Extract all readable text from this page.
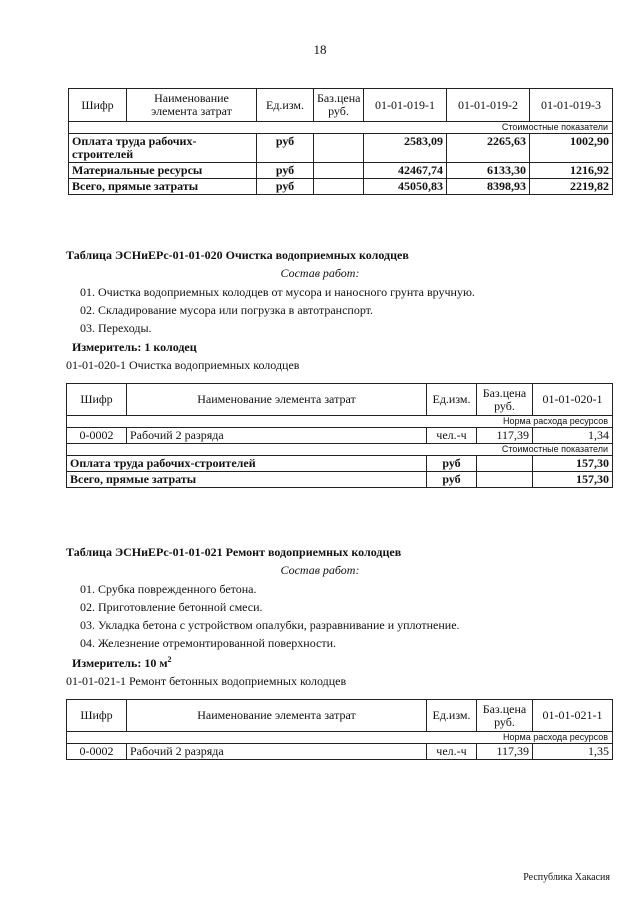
18
Шифр	Наименование элемента затрат	Ед.изм.	Баз.цена руб.	01-01-019-1	01-01-019-2	01-01-019-3
Стоимостные показатели						
Оплата труда рабочих-строителей		руб		2583,09	2265,63	1002,90
Материальные ресурсы		руб		42467,74	6133,30	1216,92
Всего, прямые затраты		руб		45050,83	8398,93	2219,82
Таблица ЭСНиЕРс-01-01-020 Очистка водоприемных колодцев
Состав работ:
01. Очистка водоприемных колодцев от мусора и наносного грунта вручную.
02. Складирование мусора или погрузка в автотранспорт.
03. Переходы.
Измеритель: 1 колодец
01-01-020-1 Очистка водоприемных колодцев
Шифр	Наименование элемента затрат	Ед.изм.	Баз.цена руб.	01-01-020-1
Норма расхода ресурсов				
0-0002	Рабочий 2 разряда	чел.-ч	117,39	1,34
Стоимостные показатели				
Оплата труда рабочих-строителей		руб		157,30
Всего, прямые затраты		руб		157,30
Таблица ЭСНиЕРс-01-01-021 Ремонт водоприемных колодцев
Состав работ:
01. Срубка поврежденного бетона.
02. Приготовление бетонной смеси.
03. Укладка бетона с устройством опалубки, разравнивание и уплотнение.
04. Железнение отремонтированной поверхности.
Измеритель: 10 $м^2$
01-01-021-1 Ремонт бетонных водоприемных колодцев
Шифр	Наименование элемента затрат	Ед.изм.	Баз.цена руб.	01-01-021-1
Норма расхода ресурсов				
0-0002	Рабочий 2 разряда	чел.-ч	117,39	1,35
Республика Хакасия
